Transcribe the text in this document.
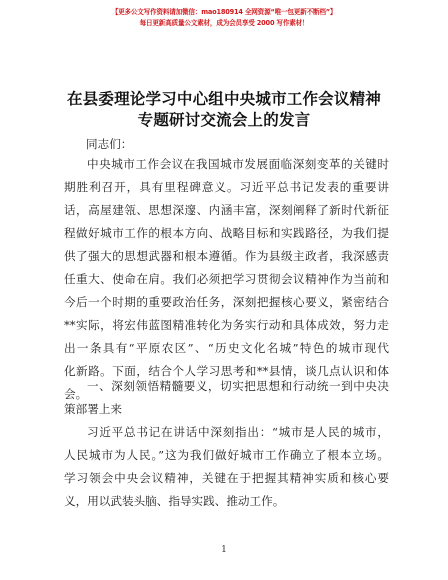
【更多公文写作资料请加微信：mao180914 全网资源“唯一包更新不断档”】
每日更新高质量公文素材，成为会员享受 2000 写作素材！
在县委理论学习中心组中央城市工作会议精神
专题研讨交流会上的发言
同志们：
中央城市工作会议在我国城市发展面临深刻变革的关键时
期胜利召开，具有里程碑意义。习近平总书记发表的重要讲
话，高屋建瓴、思想深邃、内涵丰富，深刻阐释了新时代新征
程做好城市工作的根本方向、战略目标和实践路径，为我们提
供了强大的思想武器和根本遵循。作为县级主政者，我深感责
任重大、使命在肩。我们必须把学习贯彻会议精神作为当前和
今后一个时期的重要政治任务，深刻把握核心要义，紧密结合
**实际，将宏伟蓝图精准转化为务实行动和具体成效，努力走
出一条具有“平原农区”、“历史文化名城”特色的城市现代
化新路。下面，结合个人学习思考和**县情，谈几点认识和体
会。
一、深刻领悟精髓要义，切实把思想和行动统一到中央决
策部署上来
习近平总书记在讲话中深刻指出：“城市是人民的城市，
人民城市为人民。”这为我们做好城市工作确立了根本立场。
学习领会中央会议精神，关键在于把握其精神实质和核心要
义，用以武装头脑、指导实践、推动工作。
1
